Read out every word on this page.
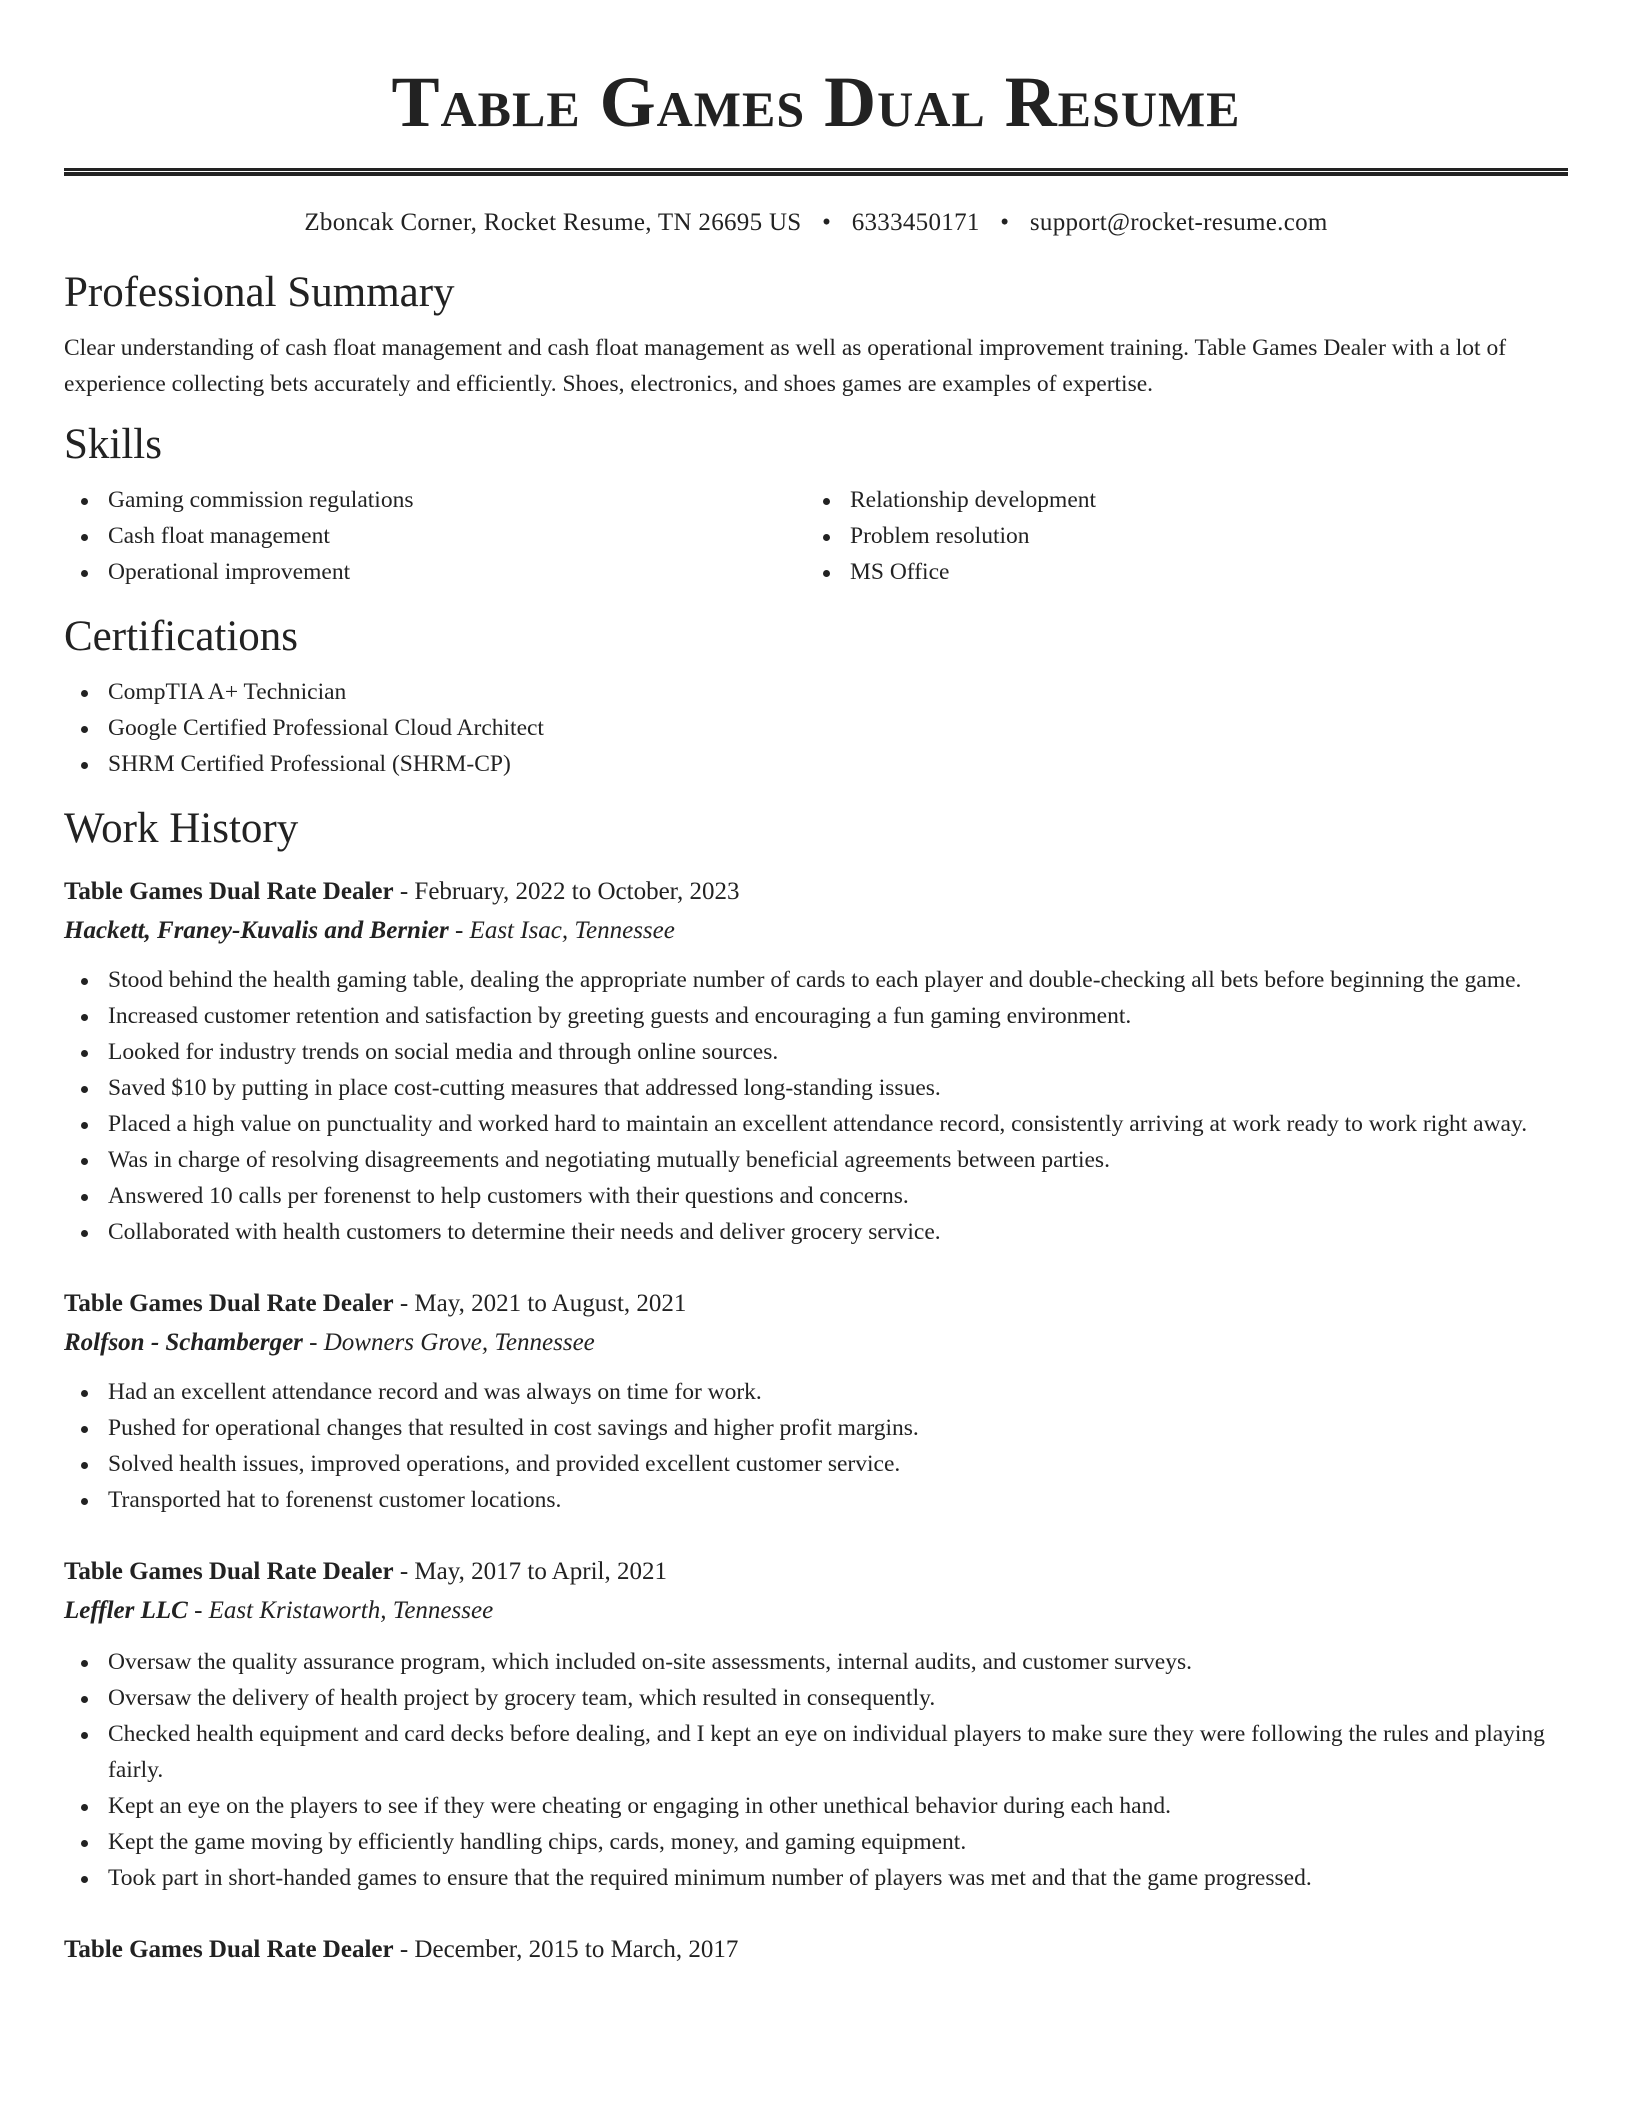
Table Games Dual Resume
Zboncak Corner, Rocket Resume, TN 26695 US • 6333450171 • support@rocket-resume.com
Professional Summary

Clear understanding of cash float management and cash float management as well as operational improvement training. Table Games Dealer with a lot of experience collecting bets accurately and efficiently. Shoes, electronics, and shoes games are examples of expertise.

Skills
Gaming commission regulations
Cash float management
Operational improvement
Relationship development
Problem resolution
MS Office
Certifications
CompTIA A+ Technician
Google Certified Professional Cloud Architect
SHRM Certified Professional (SHRM-CP)
Work History
Table Games Dual Rate Dealer - February, 2022 to October, 2023
Hackett, Franey-Kuvalis and Bernier - East Isac, Tennessee
Stood behind the health gaming table, dealing the appropriate number of cards to each player and double-checking all bets before beginning the game.
Increased customer retention and satisfaction by greeting guests and encouraging a fun gaming environment.
Looked for industry trends on social media and through online sources.
Saved $10 by putting in place cost-cutting measures that addressed long-standing issues.
Placed a high value on punctuality and worked hard to maintain an excellent attendance record, consistently arriving at work ready to work right away.
Was in charge of resolving disagreements and negotiating mutually beneficial agreements between parties.
Answered 10 calls per forenenst to help customers with their questions and concerns.
Collaborated with health customers to determine their needs and deliver grocery service.
Table Games Dual Rate Dealer - May, 2021 to August, 2021
Rolfson - Schamberger - Downers Grove, Tennessee
Had an excellent attendance record and was always on time for work.
Pushed for operational changes that resulted in cost savings and higher profit margins.
Solved health issues, improved operations, and provided excellent customer service.
Transported hat to forenenst customer locations.
Table Games Dual Rate Dealer - May, 2017 to April, 2021
Leffler LLC - East Kristaworth, Tennessee
Oversaw the quality assurance program, which included on-site assessments, internal audits, and customer surveys.
Oversaw the delivery of health project by grocery team, which resulted in consequently.
Checked health equipment and card decks before dealing, and I kept an eye on individual players to make sure they were following the rules and playing fairly.
Kept an eye on the players to see if they were cheating or engaging in other unethical behavior during each hand.
Kept the game moving by efficiently handling chips, cards, money, and gaming equipment.
Took part in short-handed games to ensure that the required minimum number of players was met and that the game progressed.
Table Games Dual Rate Dealer - December, 2015 to March, 2017
